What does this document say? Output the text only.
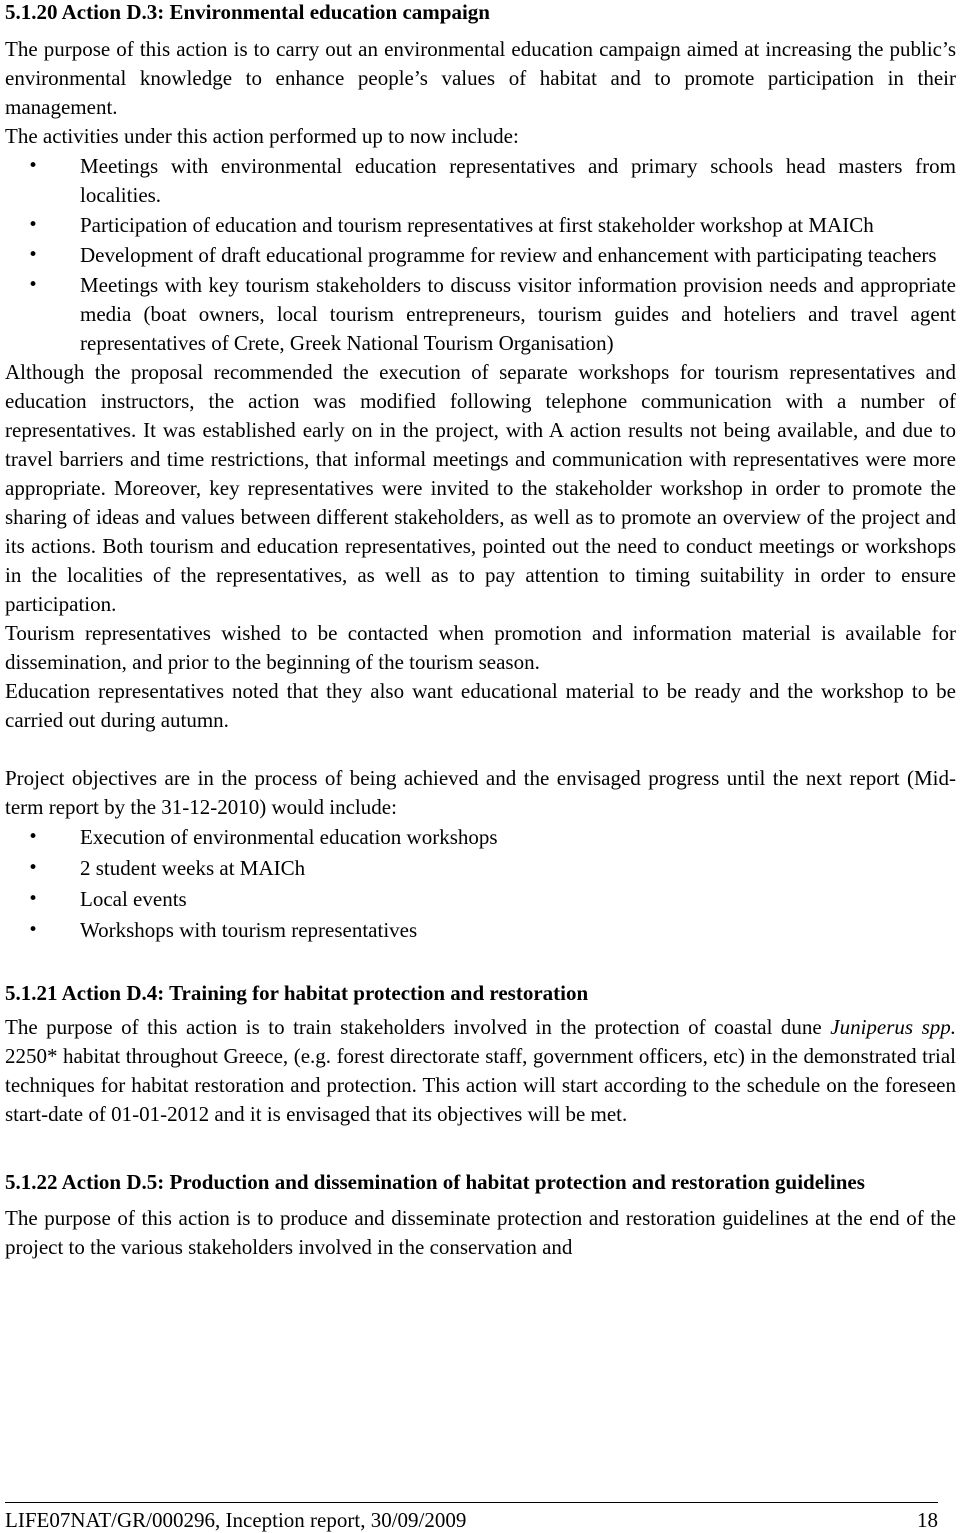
5.1.20 Action D.3: Environmental education campaign

The purpose of this action is to carry out an environmental education campaign aimed at increasing the public’s environmental knowledge to enhance people’s values of habitat and to promote participation in their management.

The activities under this action performed up to now include:

• Meetings with environmental education representatives and primary schools head masters from localities.
• Participation of education and tourism representatives at first stakeholder workshop at MAICh
• Development of draft educational programme for review and enhancement with participating teachers
• Meetings with key tourism stakeholders to discuss visitor information provision needs and appropriate media (boat owners, local tourism entrepreneurs, tourism guides and hoteliers and travel agent representatives of Crete, Greek National Tourism Organisation)

Although the proposal recommended the execution of separate workshops for tourism representatives and education instructors, the action was modified following telephone communication with a number of representatives. It was established early on in the project, with A action results not being available, and due to travel barriers and time restrictions, that informal meetings and communication with representatives were more appropriate. Moreover, key representatives were invited to the stakeholder workshop in order to promote the sharing of ideas and values between different stakeholders, as well as to promote an overview of the project and its actions. Both tourism and education representatives, pointed out the need to conduct meetings or workshops in the localities of the representatives, as well as to pay attention to timing suitability in order to ensure participation.

Tourism representatives wished to be contacted when promotion and information material is available for dissemination, and prior to the beginning of the tourism season.

Education representatives noted that they also want educational material to be ready and the workshop to be carried out during autumn.

Project objectives are in the process of being achieved and the envisaged progress until the next report (Mid-term report by the 31-12-2010) would include:

• Execution of environmental education workshops
• 2 student weeks at MAICh
• Local events
• Workshops with tourism representatives
5.1.21 Action D.4: Training for habitat protection and restoration

The purpose of this action is to train stakeholders involved in the protection of coastal dune Juniperus spp. 2250* habitat throughout Greece, (e.g. forest directorate staff, government officers, etc) in the demonstrated trial techniques for habitat restoration and protection. This action will start according to the schedule on the foreseen start-date of 01-01-2012 and it is envisaged that its objectives will be met.

5.1.22 Action D.5: Production and dissemination of habitat protection and restoration guidelines

The purpose of this action is to produce and disseminate protection and restoration guidelines at the end of the project to the various stakeholders involved in the conservation and

LIFE07NAT/GR/000296, Inception report, 30/09/2009	18
